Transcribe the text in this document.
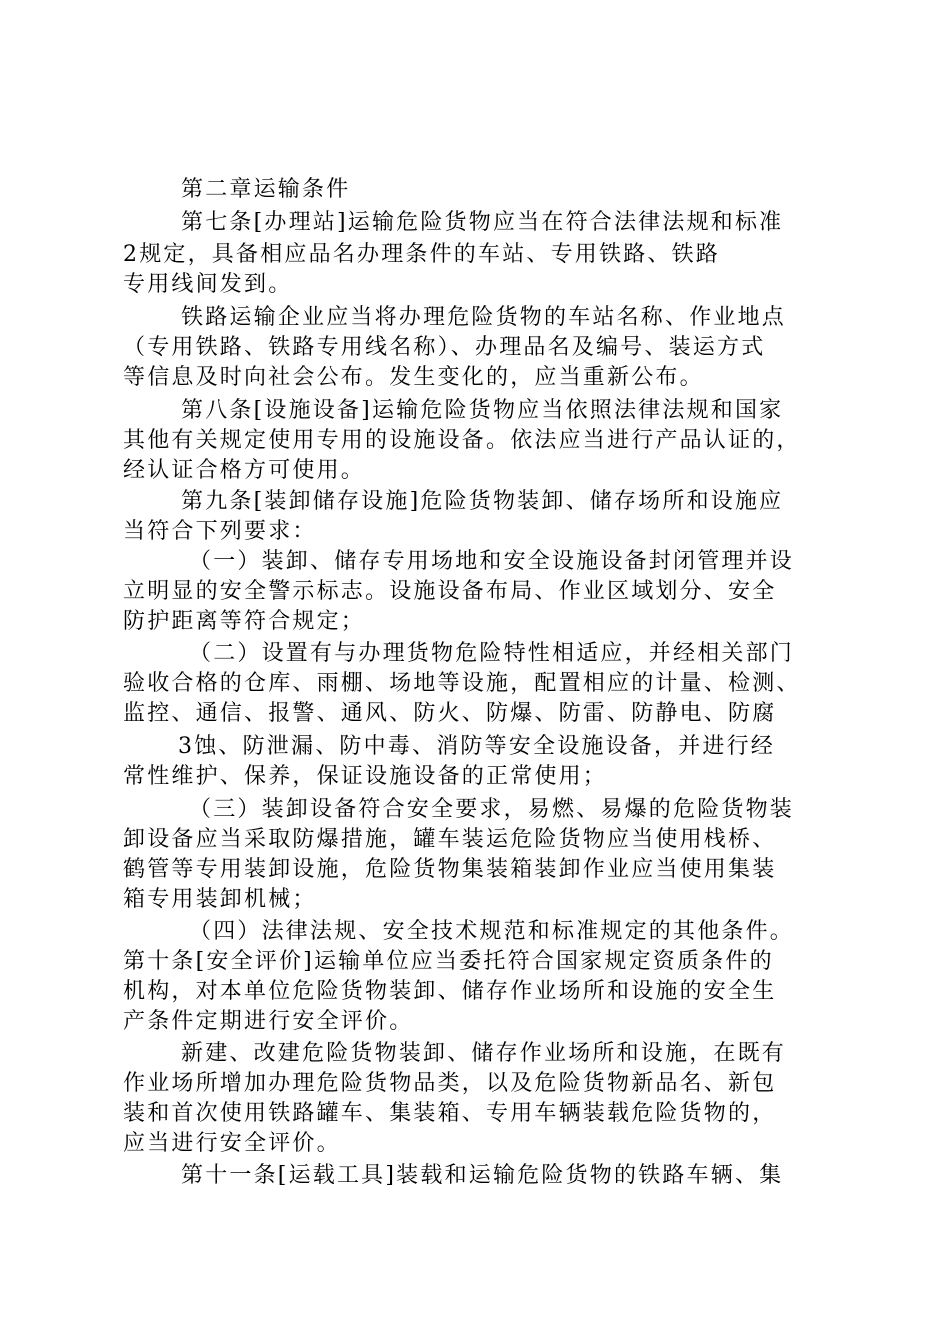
第二章运输条件
第七条[办理站]运输危险货物应当在符合法律法规和标准
2规定，具备相应品名办理条件的车站、专用铁路、铁路
专用线间发到。
铁路运输企业应当将办理危险货物的车站名称、作业地点
（专用铁路、铁路专用线名称）、办理品名及编号、装运方式
等信息及时向社会公布。发生变化的，应当重新公布。
第八条[设施设备]运输危险货物应当依照法律法规和国家
其他有关规定使用专用的设施设备。依法应当进行产品认证的，
经认证合格方可使用。
第九条[装卸储存设施]危险货物装卸、储存场所和设施应
当符合下列要求：
（一）装卸、储存专用场地和安全设施设备封闭管理并设
立明显的安全警示标志。设施设备布局、作业区域划分、安全
防护距离等符合规定；
（二）设置有与办理货物危险特性相适应，并经相关部门
验收合格的仓库、雨棚、场地等设施，配置相应的计量、检测、
监控、通信、报警、通风、防火、防爆、防雷、防静电、防腐
3蚀、防泄漏、防中毒、消防等安全设施设备，并进行经
常性维护、保养，保证设施设备的正常使用；
（三）装卸设备符合安全要求，易燃、易爆的危险货物装
卸设备应当采取防爆措施，罐车装运危险货物应当使用栈桥、
鹤管等专用装卸设施，危险货物集装箱装卸作业应当使用集装
箱专用装卸机械；
（四）法律法规、安全技术规范和标准规定的其他条件。
第十条[安全评价]运输单位应当委托符合国家规定资质条件的
机构，对本单位危险货物装卸、储存作业场所和设施的安全生
产条件定期进行安全评价。
新建、改建危险货物装卸、储存作业场所和设施，在既有
作业场所增加办理危险货物品类，以及危险货物新品名、新包
装和首次使用铁路罐车、集装箱、专用车辆装载危险货物的，
应当进行安全评价。
第十一条[运载工具]装载和运输危险货物的铁路车辆、集
